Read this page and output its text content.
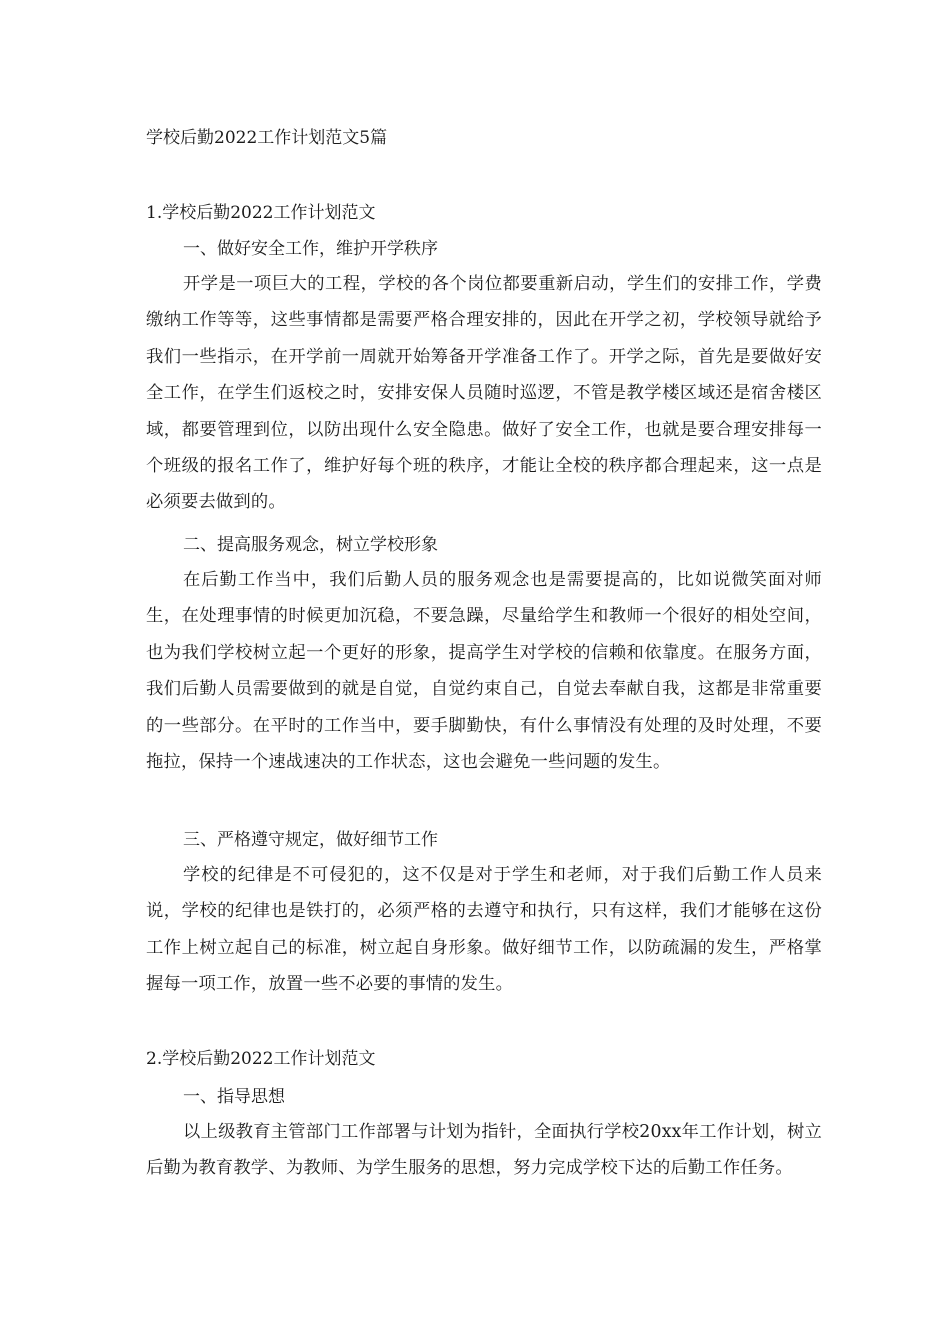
学校后勤2022工作计划范文5篇
1.学校后勤2022工作计划范文
一、做好安全工作，维护开学秩序
开学是一项巨大的工程，学校的各个岗位都要重新启动，学生们的安排工作，学费缴纳工作等等，这些事情都是需要严格合理安排的，因此在开学之初，学校领导就给予我们一些指示，在开学前一周就开始筹备开学准备工作了。开学之际，首先是要做好安全工作，在学生们返校之时，安排安保人员随时巡逻，不管是教学楼区域还是宿舍楼区域，都要管理到位，以防出现什么安全隐患。做好了安全工作，也就是要合理安排每一个班级的报名工作了，维护好每个班的秩序，才能让全校的秩序都合理起来，这一点是必须要去做到的。
二、提高服务观念，树立学校形象
在后勤工作当中，我们后勤人员的服务观念也是需要提高的，比如说微笑面对师生，在处理事情的时候更加沉稳，不要急躁，尽量给学生和教师一个很好的相处空间，也为我们学校树立起一个更好的形象，提高学生对学校的信赖和依靠度。在服务方面，我们后勤人员需要做到的就是自觉，自觉约束自己，自觉去奉献自我，这都是非常重要的一些部分。在平时的工作当中，要手脚勤快，有什么事情没有处理的及时处理，不要拖拉，保持一个速战速决的工作状态，这也会避免一些问题的发生。
三、严格遵守规定，做好细节工作
学校的纪律是不可侵犯的，这不仅是对于学生和老师，对于我们后勤工作人员来说，学校的纪律也是铁打的，必须严格的去遵守和执行，只有这样，我们才能够在这份工作上树立起自己的标准，树立起自身形象。做好细节工作，以防疏漏的发生，严格掌握每一项工作，放置一些不必要的事情的发生。
2.学校后勤2022工作计划范文
一、指导思想
以上级教育主管部门工作部署与计划为指针，全面执行学校20xx年工作计划，树立后勤为教育教学、为教师、为学生服务的思想，努力完成学校下达的后勤工作任务。
